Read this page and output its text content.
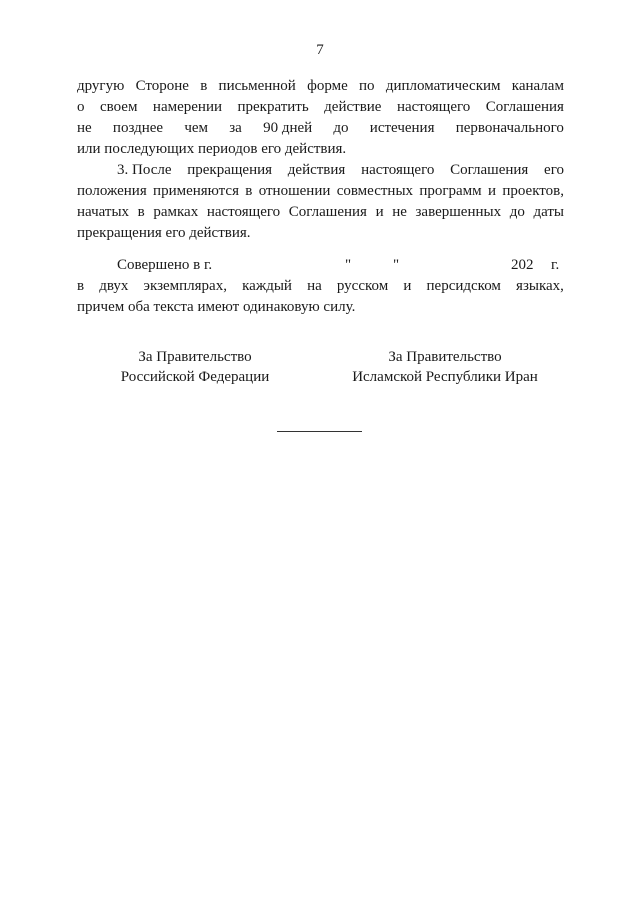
7
другую Стороне в письменной форме по дипломатическим каналам
о своем намерении прекратить действие настоящего Соглашения
не позднее чем за 90 дней до истечения первоначального
или последующих периодов его действия.
3. После прекращения действия настоящего Соглашения его
положения применяются в отношении совместных программ и проектов,
начатых в рамках настоящего Соглашения и не завершенных до даты
прекращения его действия.
Совершено в г.	"	"	202 г.
в двух экземплярах, каждый на русском и персидском языках,
причем оба текста имеют одинаковую силу.
За Правительство
Российской Федерации
За Правительство
Исламской Республики Иран
